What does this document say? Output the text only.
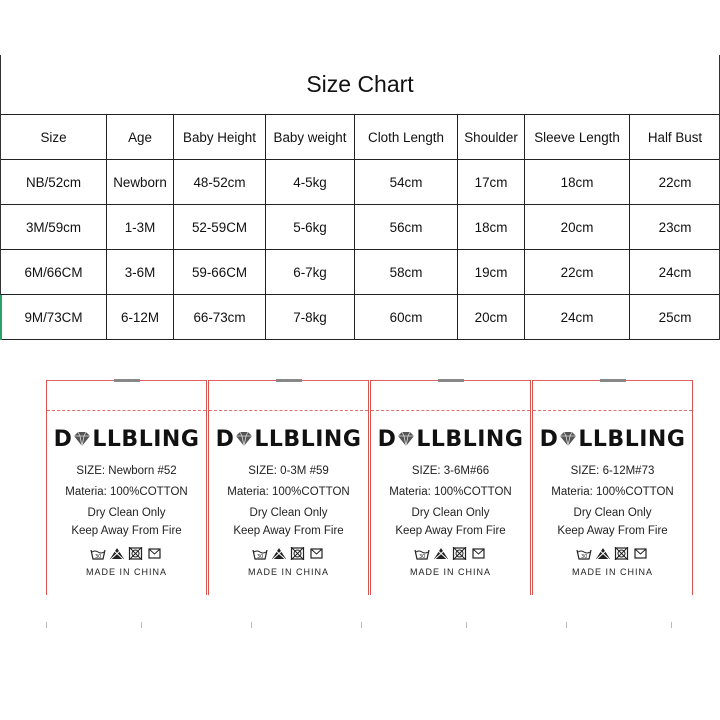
Size Chart
Size	Age	Baby Height	Baby weight	Cloth Length	Shoulder	Sleeve Length	Half Bust
NB/52cm	Newborn	48-52cm	4-5kg	54cm	17cm	18cm	22cm
3M/59cm	1-3M	52-59CM	5-6kg	56cm	18cm	20cm	23cm
6M/66CM	3-6M	59-66CM	6-7kg	58cm	19cm	22cm	24cm
9M/73CM	6-12M	66-73cm	7-8kg	60cm	20cm	24cm	25cm
D LLBLING
SIZE: Newborn #52
Materia: 100%COTTON
Dry Clean Only
Keep Away From Fire
30
MADE IN CHINA
D LLBLING
SIZE: 0-3M #59
Materia: 100%COTTON
Dry Clean Only
Keep Away From Fire
30
MADE IN CHINA
D LLBLING
SIZE: 3-6M#66
Materia: 100%COTTON
Dry Clean Only
Keep Away From Fire
30
MADE IN CHINA
D LLBLING
SIZE: 6-12M#73
Materia: 100%COTTON
Dry Clean Only
Keep Away From Fire
30
MADE IN CHINA
